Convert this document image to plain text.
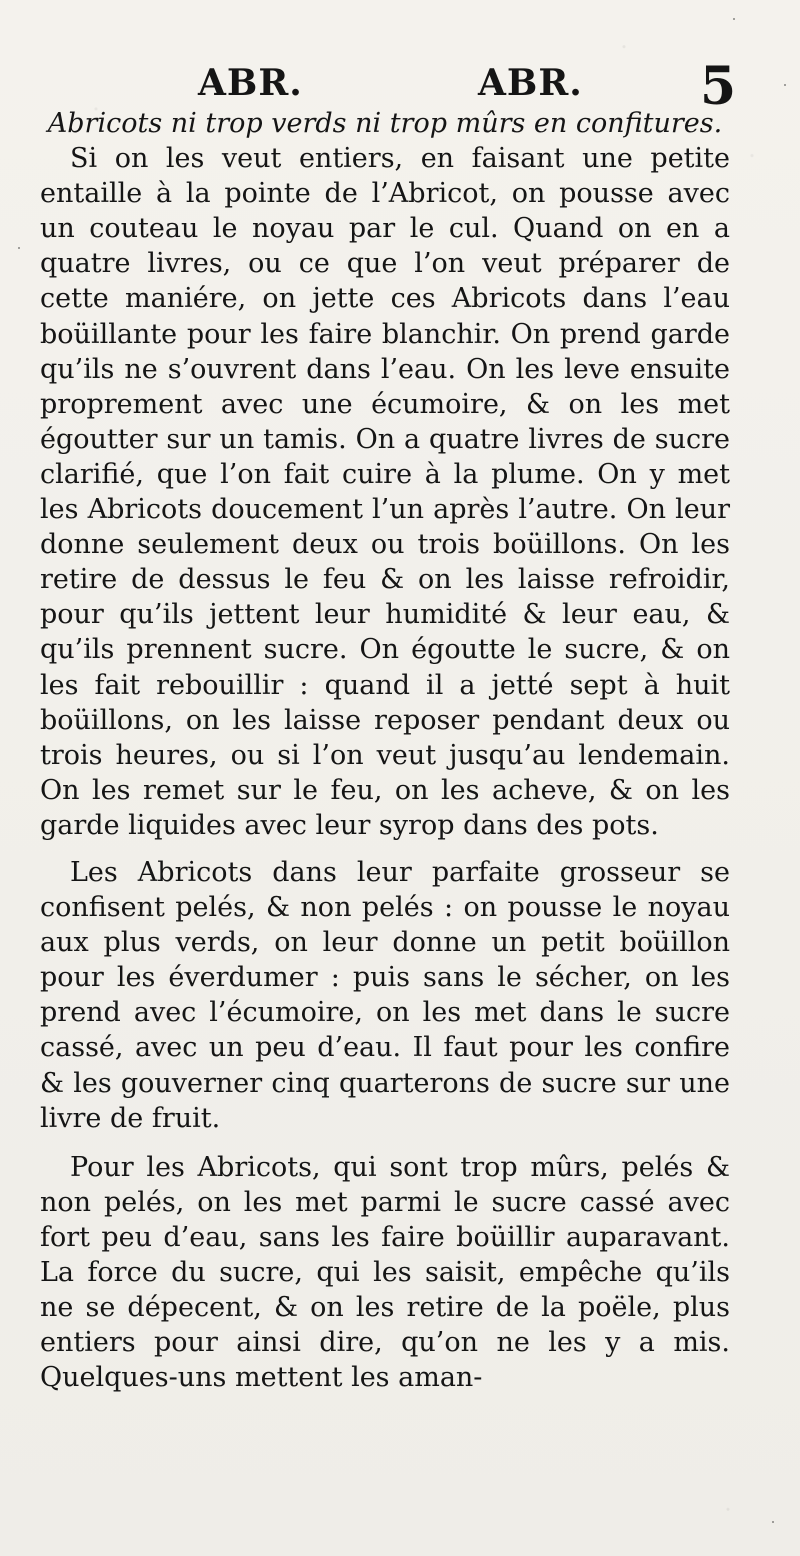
ABR.	ABR. 5

Abricots ni trop verds ni trop mûrs en confitures.

Si on les veut entiers, en faisant une petite entaille à la pointe de l’Abricot, on pousse avec un couteau le noyau par le cul. Quand on en a quatre livres, ou ce que l’on veut préparer de cette maniére, on jette ces Abricots dans l’eau boüillante pour les faire blanchir. On prend garde qu’ils ne s’ouvrent dans l’eau. On les leve ensuite proprement avec une écumoire, & on les met égoutter sur un tamis. On a quatre livres de sucre clarifié, que l’on fait cuire à la plume. On y met les Abricots doucement l’un après l’autre. On leur donne seulement deux ou trois boüillons. On les retire de dessus le feu & on les laisse refroidir, pour qu’ils jettent leur humidité & leur eau, & qu’ils prennent sucre. On égoutte le sucre, & on les fait rebouillir : quand il a jetté sept à huit boüillons, on les laisse reposer pendant deux ou trois heures, ou si l’on veut jusqu’au lendemain. On les remet sur le feu, on les acheve, & on les garde liquides avec leur syrop dans des pots.

Les Abricots dans leur parfaite grosseur se confisent pelés, & non pelés : on pousse le noyau aux plus verds, on leur donne un petit boüillon pour les éverdumer : puis sans le sécher, on les prend avec l’écumoire, on les met dans le sucre cassé, avec un peu d’eau. Il faut pour les confire & les gouverner cinq quarterons de sucre sur une livre de fruit.

Pour les Abricots, qui sont trop mûrs, pelés & non pelés, on les met parmi le sucre cassé avec fort peu d’eau, sans les faire boüillir auparavant. La force du sucre, qui les saisit, empêche qu’ils ne se dépecent, & on les retire de la poële, plus entiers pour ainsi dire, qu’on ne les y a mis. Quelques-uns mettent les aman-
